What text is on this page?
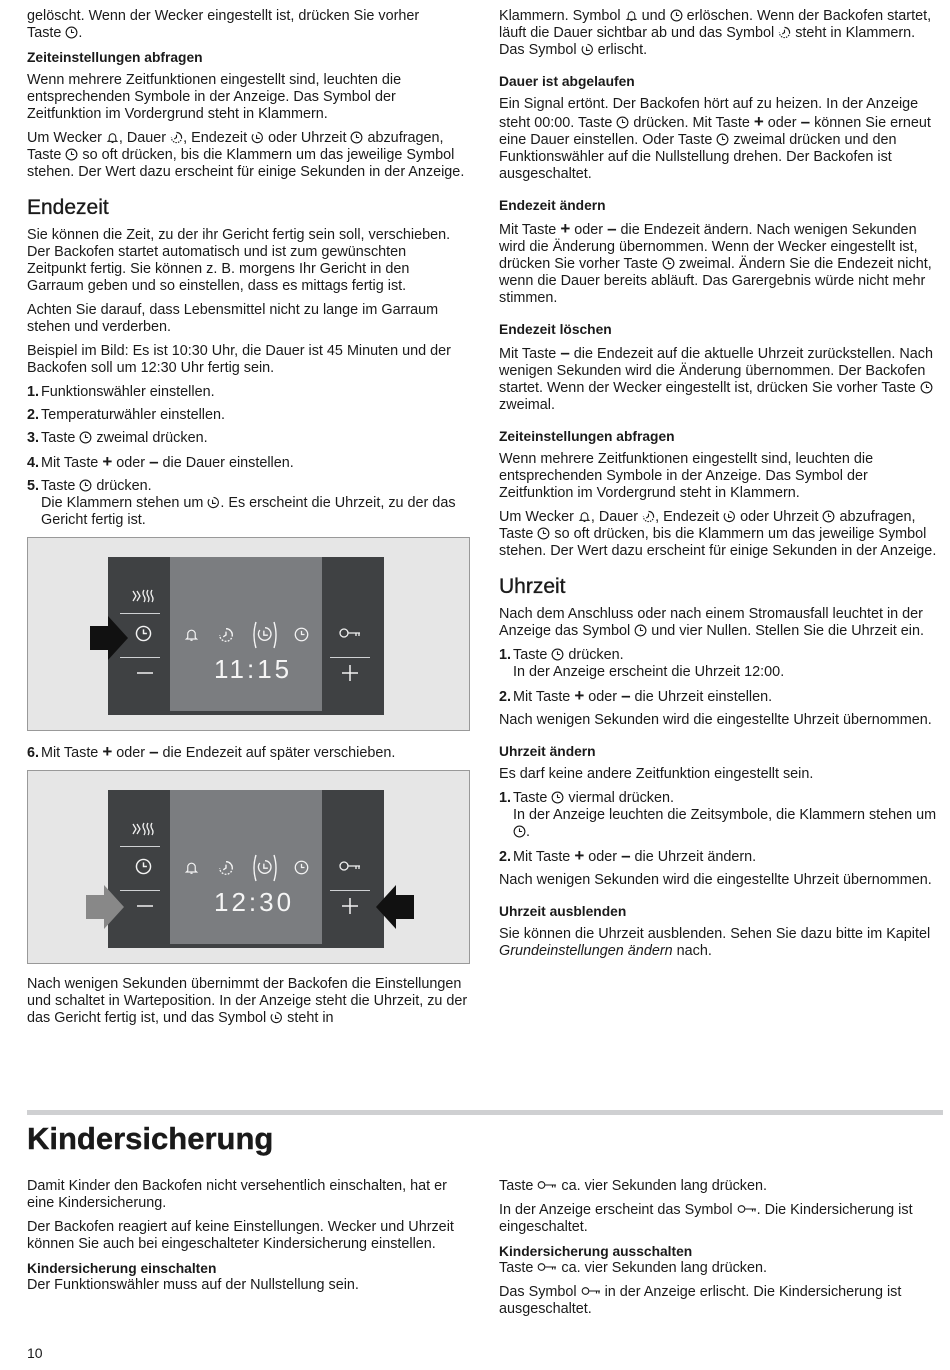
gelöscht. Wenn der Wecker eingestellt ist, drücken Sie vorher
Taste .

Zeiteinstellungen abfragen

Wenn mehrere Zeitfunktionen eingestellt sind, leuchten die entsprechenden Symbole in der Anzeige. Das Symbol der Zeitfunktion im Vordergrund steht in Klammern.

Um Wecker , Dauer , Endezeit oder Uhrzeit abzufragen, Taste so oft drücken, bis die Klammern um das jeweilige Symbol stehen. Der Wert dazu erscheint für einige Sekunden in der Anzeige.

Endezeit

Sie können die Zeit, zu der ihr Gericht fertig sein soll, verschieben. Der Backofen startet automatisch und ist zum gewünschten Zeitpunkt fertig. Sie können z. B. morgens Ihr Gericht in den Garraum geben und so einstellen, dass es mittags fertig ist.

Achten Sie darauf, dass Lebensmittel nicht zu lange im Garraum stehen und verderben.

Beispiel im Bild: Es ist 10:30 Uhr, die Dauer ist 45 Minuten und der Backofen soll um 12:30 Uhr fertig sein.

1. Funktionswähler einstellen.
2. Temperaturwähler einstellen.
3. Taste zweimal drücken.
4. Mit Taste + oder – die Dauer einstellen.
5. Taste drücken.
Die Klammern stehen um . Es erscheint die Uhrzeit, zu der das Gericht fertig ist.
11:15
6. Mit Taste + oder – die Endezeit auf später verschieben.
12:30

Nach wenigen Sekunden übernimmt der Backofen die Einstellungen und schaltet in Warteposition. In der Anzeige steht die Uhrzeit, zu der das Gericht fertig ist, und das Symbol steht in

Klammern. Symbol und erlöschen. Wenn der Backofen startet, läuft die Dauer sichtbar ab und das Symbol steht in Klammern. Das Symbol erlischt.

Dauer ist abgelaufen

Ein Signal ertönt. Der Backofen hört auf zu heizen. In der Anzeige steht 00:00. Taste drücken. Mit Taste + oder – können Sie erneut eine Dauer einstellen. Oder Taste zweimal drücken und den Funktionswähler auf die Nullstellung drehen. Der Backofen ist ausgeschaltet.

Endezeit ändern

Mit Taste + oder – die Endezeit ändern. Nach wenigen Sekunden wird die Änderung übernommen. Wenn der Wecker eingestellt ist, drücken Sie vorher Taste zweimal. Ändern Sie die Endezeit nicht, wenn die Dauer bereits abläuft. Das Garergebnis würde nicht mehr stimmen.

Endezeit löschen

Mit Taste – die Endezeit auf die aktuelle Uhrzeit zurückstellen. Nach wenigen Sekunden wird die Änderung übernommen. Der Backofen startet. Wenn der Wecker eingestellt ist, drücken Sie vorher Taste
zweimal.

Zeiteinstellungen abfragen

Wenn mehrere Zeitfunktionen eingestellt sind, leuchten die entsprechenden Symbole in der Anzeige. Das Symbol der Zeitfunktion im Vordergrund steht in Klammern.

Um Wecker , Dauer , Endezeit oder Uhrzeit abzufragen, Taste so oft drücken, bis die Klammern um das jeweilige Symbol stehen. Der Wert dazu erscheint für einige Sekunden in der Anzeige.

Uhrzeit

Nach dem Anschluss oder nach einem Stromausfall leuchtet in der Anzeige das Symbol und vier Nullen. Stellen Sie die Uhrzeit ein.

1. Taste drücken.
In der Anzeige erscheint die Uhrzeit 12:00.
2. Mit Taste + oder – die Uhrzeit einstellen.

Nach wenigen Sekunden wird die eingestellte Uhrzeit übernommen.

Uhrzeit ändern

Es darf keine andere Zeitfunktion eingestellt sein.

1. Taste viermal drücken.
In der Anzeige leuchten die Zeitsymbole, die Klammern stehen um
.
2. Mit Taste + oder – die Uhrzeit ändern.

Nach wenigen Sekunden wird die eingestellte Uhrzeit übernommen.

Uhrzeit ausblenden

Sie können die Uhrzeit ausblenden. Sehen Sie dazu bitte im Kapitel Grundeinstellungen ändern nach.

Kindersicherung

Damit Kinder den Backofen nicht versehentlich einschalten, hat er eine Kindersicherung.

Der Backofen reagiert auf keine Einstellungen. Wecker und Uhrzeit können Sie auch bei eingeschalteter Kindersicherung einstellen.

Kindersicherung einschalten

Der Funktionswähler muss auf der Nullstellung sein.

Taste ca. vier Sekunden lang drücken.

In der Anzeige erscheint das Symbol . Die Kindersicherung ist eingeschaltet.

Kindersicherung ausschalten

Taste ca. vier Sekunden lang drücken.

Das Symbol in der Anzeige erlischt. Die Kindersicherung ist ausgeschaltet.

10
